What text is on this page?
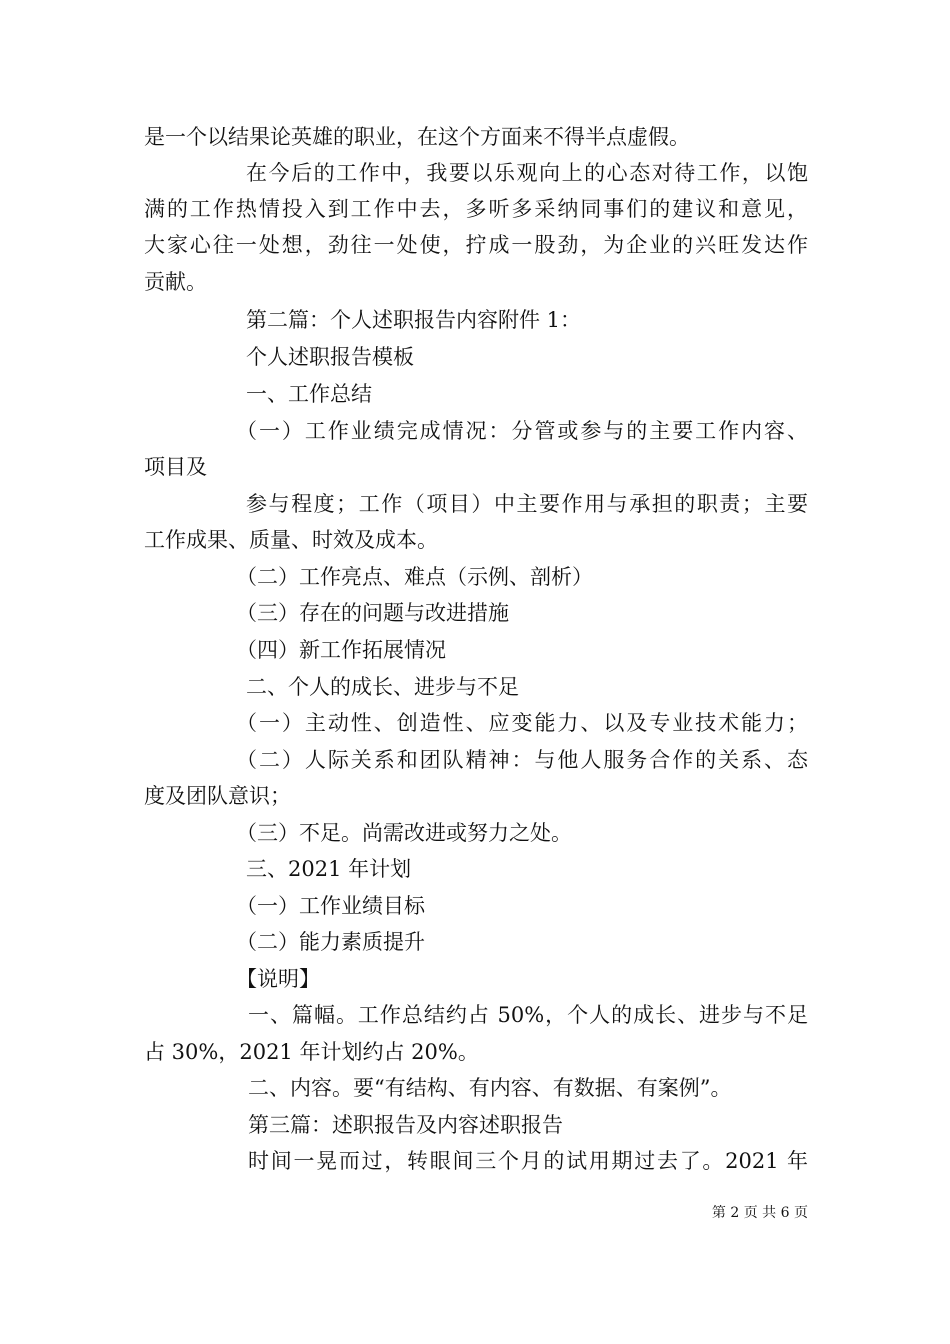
是一个以结果论英雄的职业，在这个方面来不得半点虚假。
在今后的工作中，我要以乐观向上的心态对待工作，以饱
满的工作热情投入到工作中去，多听多采纳同事们的建议和意见，
大家心往一处想，劲往一处使，拧成一股劲，为企业的兴旺发达作
贡献。
第二篇：个人述职报告内容附件 1：
个人述职报告模板
一、工作总结
（一）工作业绩完成情况：分管或参与的主要工作内容、
项目及
参与程度；工作（项目）中主要作用与承担的职责；主要
工作成果、质量、时效及成本。
（二）工作亮点、难点（示例、剖析）
（三）存在的问题与改进措施
（四）新工作拓展情况
二、个人的成长、进步与不足
（一）主动性、创造性、应变能力、以及专业技术能力；
（二）人际关系和团队精神：与他人服务合作的关系、态
度及团队意识；
（三）不足。尚需改进或努力之处。
三、2021 年计划
（一）工作业绩目标
（二）能力素质提升
【说明】
一、篇幅。工作总结约占 50%，个人的成长、进步与不足
占 30%，2021 年计划约占 20%。
二、内容。要“有结构、有内容、有数据、有案例”。
第三篇：述职报告及内容述职报告
时间一晃而过，转眼间三个月的试用期过去了。2021 年
第 2 页 共 6 页
